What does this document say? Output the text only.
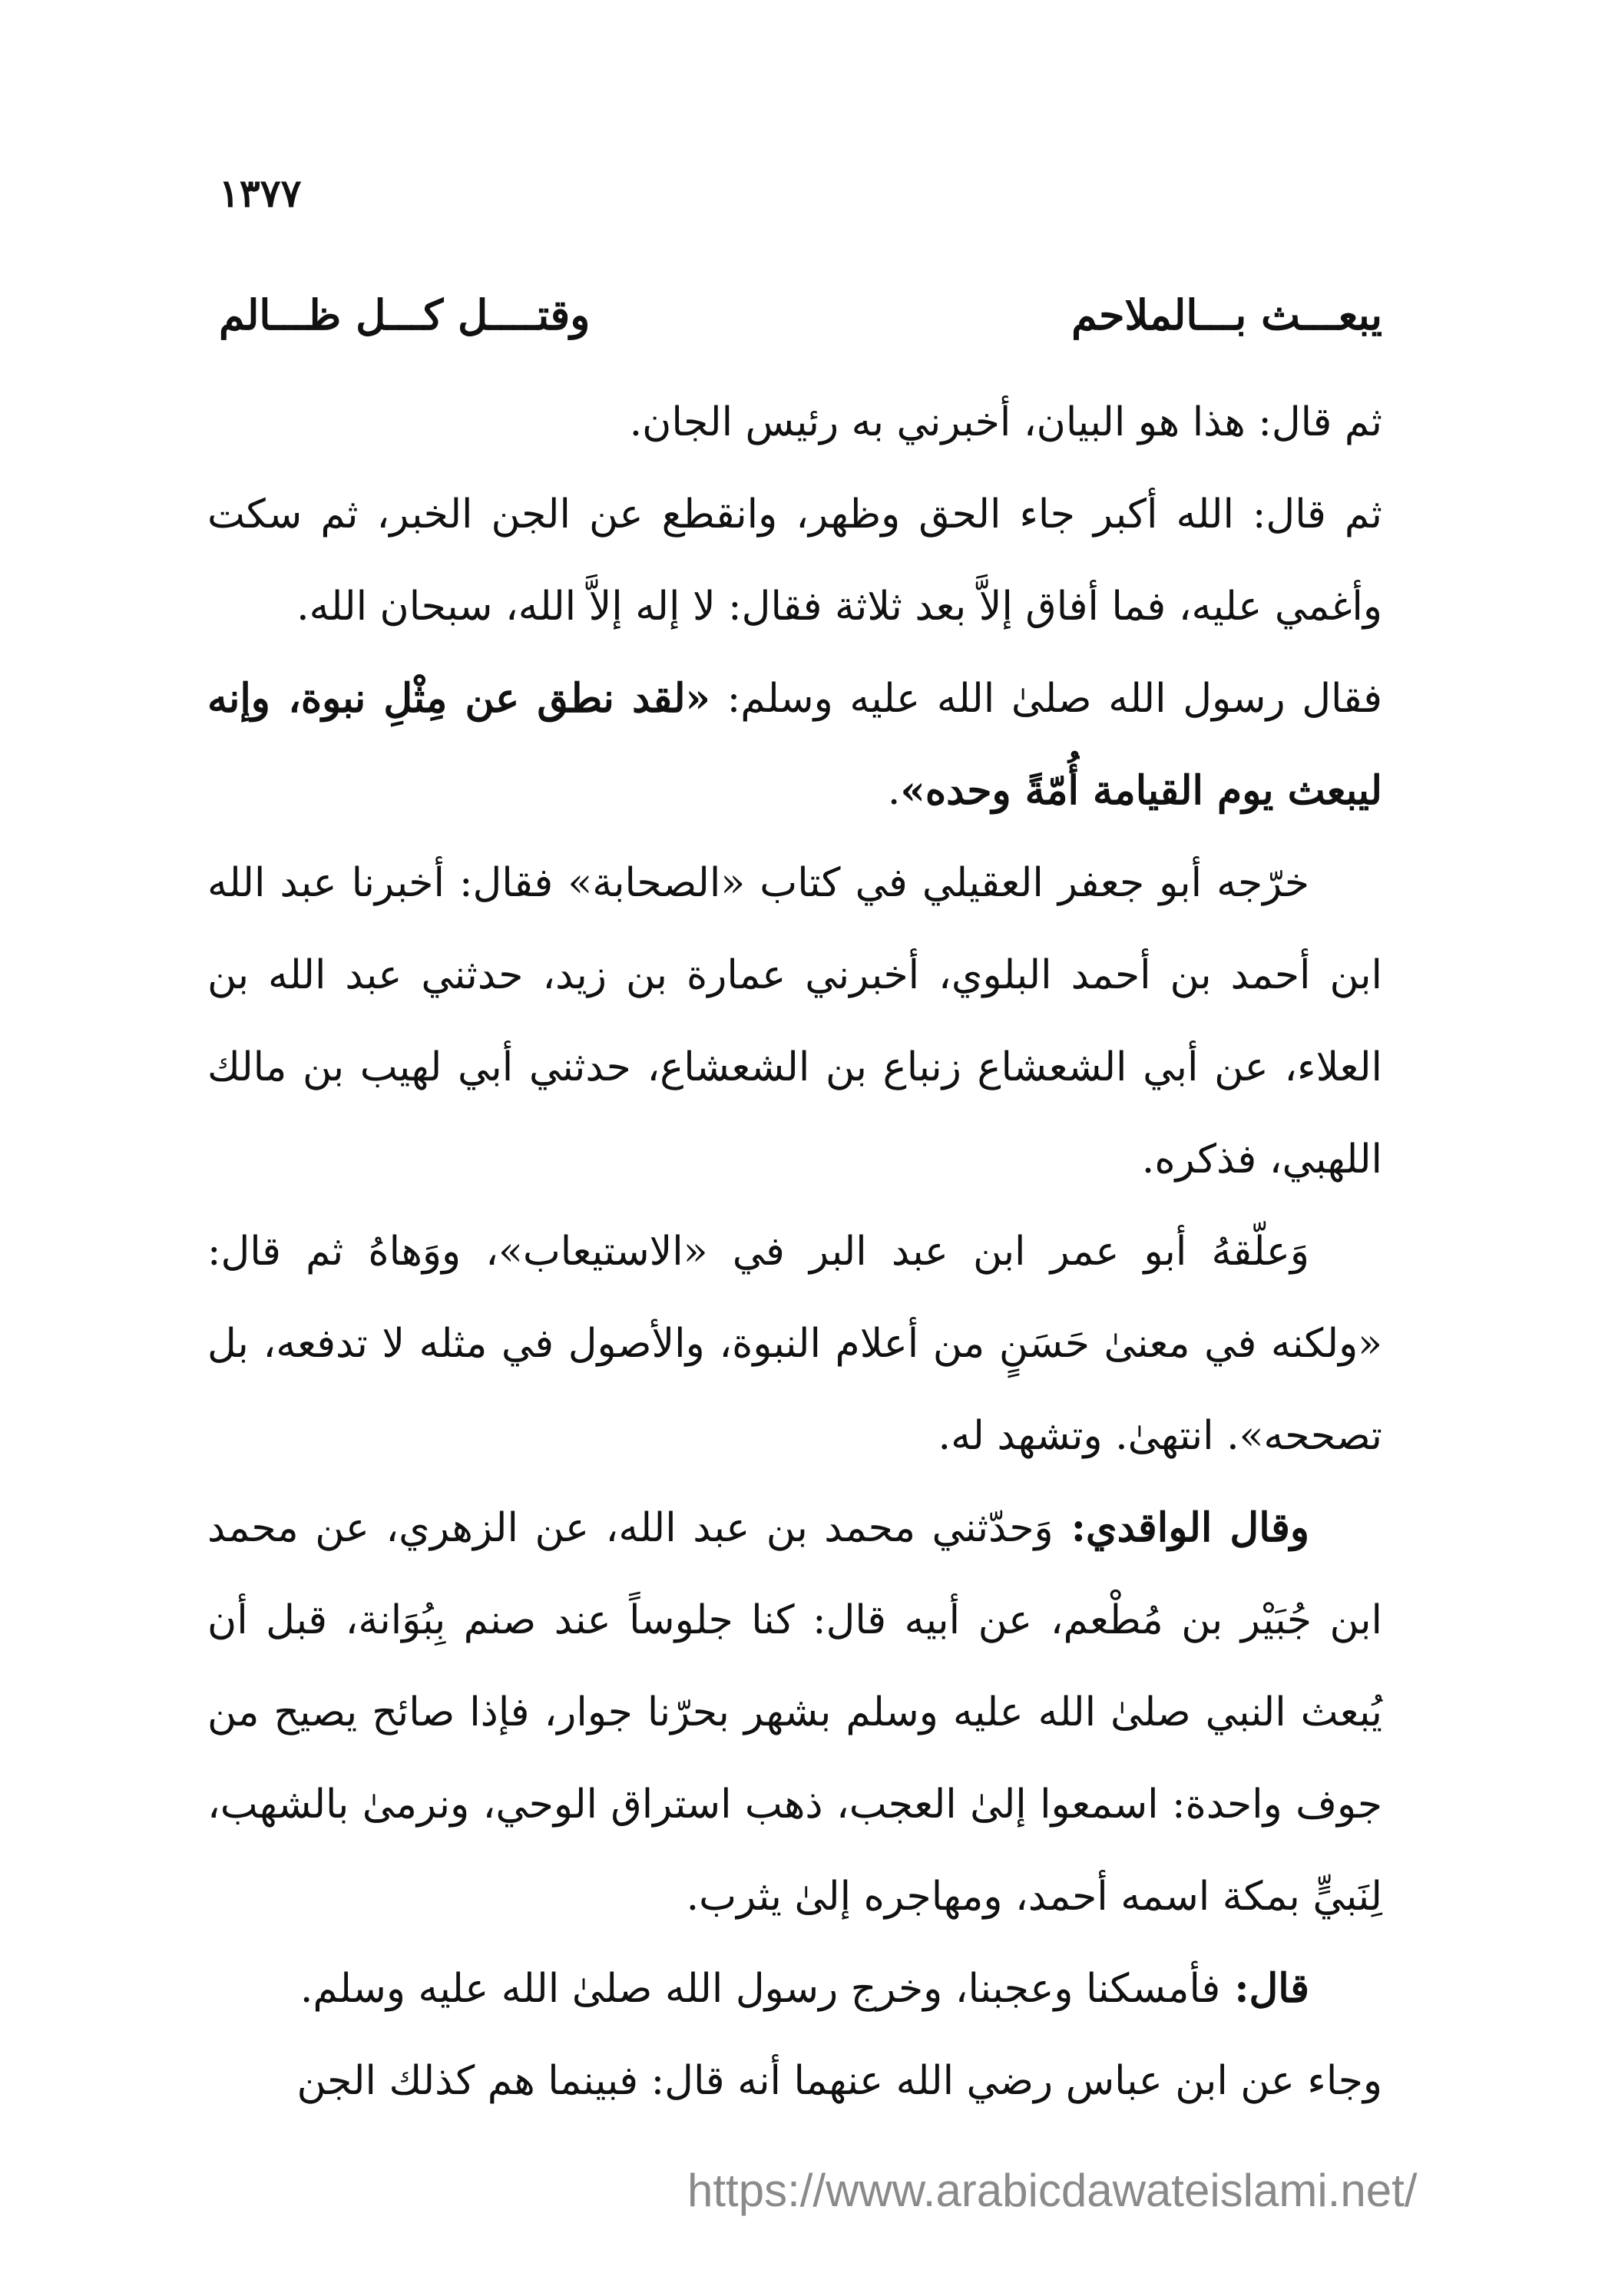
١٣٧٧
يبعـــث بـــالملاحم
وقتــــل كـــل ظـــالم

ثم قال: هذا هو البيان، أخبرني به رئيس الجان.

ثم قال: الله أكبر جاء الحق وظهر، وانقطع عن الجن الخبر، ثم سكت وأغمي عليه، فما أفاق إلاَّ بعد ثلاثة فقال: لا إله إلاَّ الله، سبحان الله.

فقال رسول الله صلىٰ الله عليه وسلم: «لقد نطق عن مِثْلِ نبوة، وإنه ليبعث يوم القيامة أُمّةً وحده».

خرّجه أبو جعفر العقيلي في كتاب «الصحابة» فقال: أخبرنا عبد الله ابن أحمد بن أحمد البلوي، أخبرني عمارة بن زيد، حدثني عبد الله بن العلاء، عن أبي الشعشاع زنباع بن الشعشاع، حدثني أبي لهيب بن مالك اللهبي، فذكره.

وَعلّقهُ أبو عمر ابن عبد البر في «الاستيعاب»، ووَهاهُ ثم قال: «ولكنه في معنىٰ حَسَنٍ من أعلام النبوة، والأصول في مثله لا تدفعه، بل تصححه». انتهىٰ. وتشهد له.

وقال الواقدي: وَحدّثني محمد بن عبد الله، عن الزهري، عن محمد ابن جُبَيْر بن مُطْعم، عن أبيه قال: كنا جلوساً عند صنم بِبُوَانة، قبل أن يُبعث النبي صلىٰ الله عليه وسلم بشهر بحرّنا جوار، فإذا صائح يصيح من جوف واحدة: اسمعوا إلىٰ العجب، ذهب استراق الوحي، ونرمىٰ بالشهب، لِنَبيٍّ بمكة اسمه أحمد، ومهاجره إلىٰ يثرب.

قال: فأمسكنا وعجبنا، وخرج رسول الله صلىٰ الله عليه وسلم.

وجاء عن ابن عباس رضي الله عنهما أنه قال: فبينما هم كذلك الجن

https://www.arabicdawateislami.net/
